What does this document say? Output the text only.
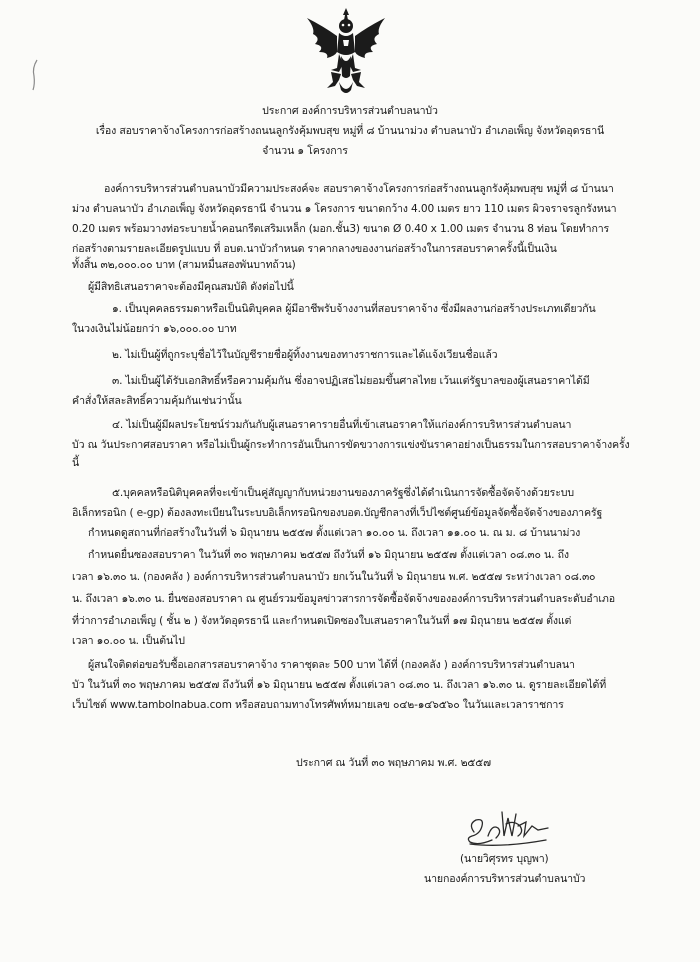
ประกาศ องค์การบริหารส่วนตำบลนาบัว
เรื่อง สอบราคาจ้างโครงการก่อสร้างถนนลูกรังคุ้มพบสุข หมู่ที่ ๘ บ้านนาม่วง ตำบลนาบัว อำเภอเพ็ญ จังหวัดอุดรธานี
จำนวน ๑ โครงการ
องค์การบริหารส่วนตำบลนาบัวมีความประสงค์จะ สอบราคาจ้างโครงการก่อสร้างถนนลูกรังคุ้มพบสุข หมู่ที่ ๘ บ้านนา
ม่วง ตำบลนาบัว อำเภอเพ็ญ จังหวัดอุดรธานี จำนวน ๑ โครงการ ขนาดกว้าง 4.00 เมตร ยาว 110 เมตร ผิวจราจรลูกรังหนา
0.20 เมตร พร้อมวางท่อระบายน้ำคอนกรีตเสริมเหล็ก (มอก.ชั้น3) ขนาด Ø 0.40 x 1.00 เมตร จำนวน 8 ท่อน โดยทำการ
ก่อสร้างตามรายละเอียดรูปแบบ ที่ อบต.นาบัวกำหนด ราคากลางของงานก่อสร้างในการสอบราคาครั้งนี้เป็นเงิน
ทั้งสิ้น ๓๒,๐๐๐.๐๐ บาท (สามหมื่นสองพันบาทถ้วน)
ผู้มีสิทธิเสนอราคาจะต้องมีคุณสมบัติ ดังต่อไปนี้
๑. เป็นบุคคลธรรมดาหรือเป็นนิติบุคคล ผู้มีอาชีพรับจ้างงานที่สอบราคาจ้าง ซึ่งมีผลงานก่อสร้างประเภทเดียวกัน
ในวงเงินไม่น้อยกว่า ๑๖,๐๐๐.๐๐ บาท
๒. ไม่เป็นผู้ที่ถูกระบุชื่อไว้ในบัญชีรายชื่อผู้ทิ้งงานของทางราชการและได้แจ้งเวียนชื่อแล้ว
๓. ไม่เป็นผู้ได้รับเอกสิทธิ์หรือความคุ้มกัน ซึ่งอาจปฏิเสธไม่ยอมขึ้นศาลไทย เว้นแต่รัฐบาลของผู้เสนอราคาได้มี
คำสั่งให้สละสิทธิ์ความคุ้มกันเช่นว่านั้น
๔. ไม่เป็นผู้มีผลประโยชน์ร่วมกันกับผู้เสนอราคารายอื่นที่เข้าเสนอราคาให้แก่องค์การบริหารส่วนตำบลนา
บัว ณ วันประกาศสอบราคา หรือไม่เป็นผู้กระทำการอันเป็นการขัดขวางการแข่งขันราคาอย่างเป็นธรรมในการสอบราคาจ้างครั้ง
นี้
๕.บุคคลหรือนิติบุคคลที่จะเข้าเป็นคู่สัญญากับหน่วยงานของภาครัฐซึ่งได้ดำเนินการจัดซื้อจัดจ้างด้วยระบบ
อิเล็กทรอนิก ( e-gp) ต้องลงทะเบียนในระบบอิเล็กทรอนิกของบอต.บัญชีกลางที่เว็ปไซต์ศูนย์ข้อมูลจัดซื้อจัดจ้างของภาครัฐ
กำหนดดูสถานที่ก่อสร้างในวันที่ ๖ มิถุนายน ๒๕๕๗ ตั้งแต่เวลา ๑๐.๐๐ น. ถึงเวลา ๑๑.๐๐ น. ณ ม. ๘ บ้านนาม่วง
กำหนดยื่นซองสอบราคา ในวันที่ ๓๐ พฤษภาคม ๒๕๕๗ ถึงวันที่ ๑๖ มิถุนายน ๒๕๕๗ ตั้งแต่เวลา ๐๘.๓๐ น. ถึง
เวลา ๑๖.๓๐ น. (กองคลัง ) องค์การบริหารส่วนตำบลนาบัว ยกเว้นในวันที่ ๖ มิถุนายน พ.ศ. ๒๕๕๗ ระหว่างเวลา ๐๘.๓๐
น. ถึงเวลา ๑๖.๓๐ น. ยื่นซองสอบราคา ณ ศูนย์รวมข้อมูลข่าวสารการจัดซื้อจัดจ้างขององค์การบริหารส่วนตำบลระดับอำเภอ
ที่ว่าการอำเภอเพ็ญ ( ชั้น ๒ ) จังหวัดอุดรธานี และกำหนดเปิดซองใบเสนอราคาในวันที่ ๑๗ มิถุนายน ๒๕๕๗ ตั้งแต่
เวลา ๑๐.๐๐ น. เป็นต้นไป
ผู้สนใจติดต่อขอรับซื้อเอกสารสอบราคาจ้าง ราคาชุดละ 500 บาท ได้ที่ (กองคลัง ) องค์การบริหารส่วนตำบลนา
บัว ในวันที่ ๓๐ พฤษภาคม ๒๕๕๗ ถึงวันที่ ๑๖ มิถุนายน ๒๕๕๗ ตั้งแต่เวลา ๐๘.๓๐ น. ถึงเวลา ๑๖.๓๐ น. ดูรายละเอียดได้ที่
เว็บไซต์ www.tambolnabua.com หรือสอบถามทางโทรศัพท์หมายเลข ๐๔๒-๑๔๖๕๖๐ ในวันและเวลาราชการ
ประกาศ ณ วันที่ ๓๐ พฤษภาคม พ.ศ. ๒๕๕๗
(นายวิศุรทร บุญพา)
นายกองค์การบริหารส่วนตำบลนาบัว
